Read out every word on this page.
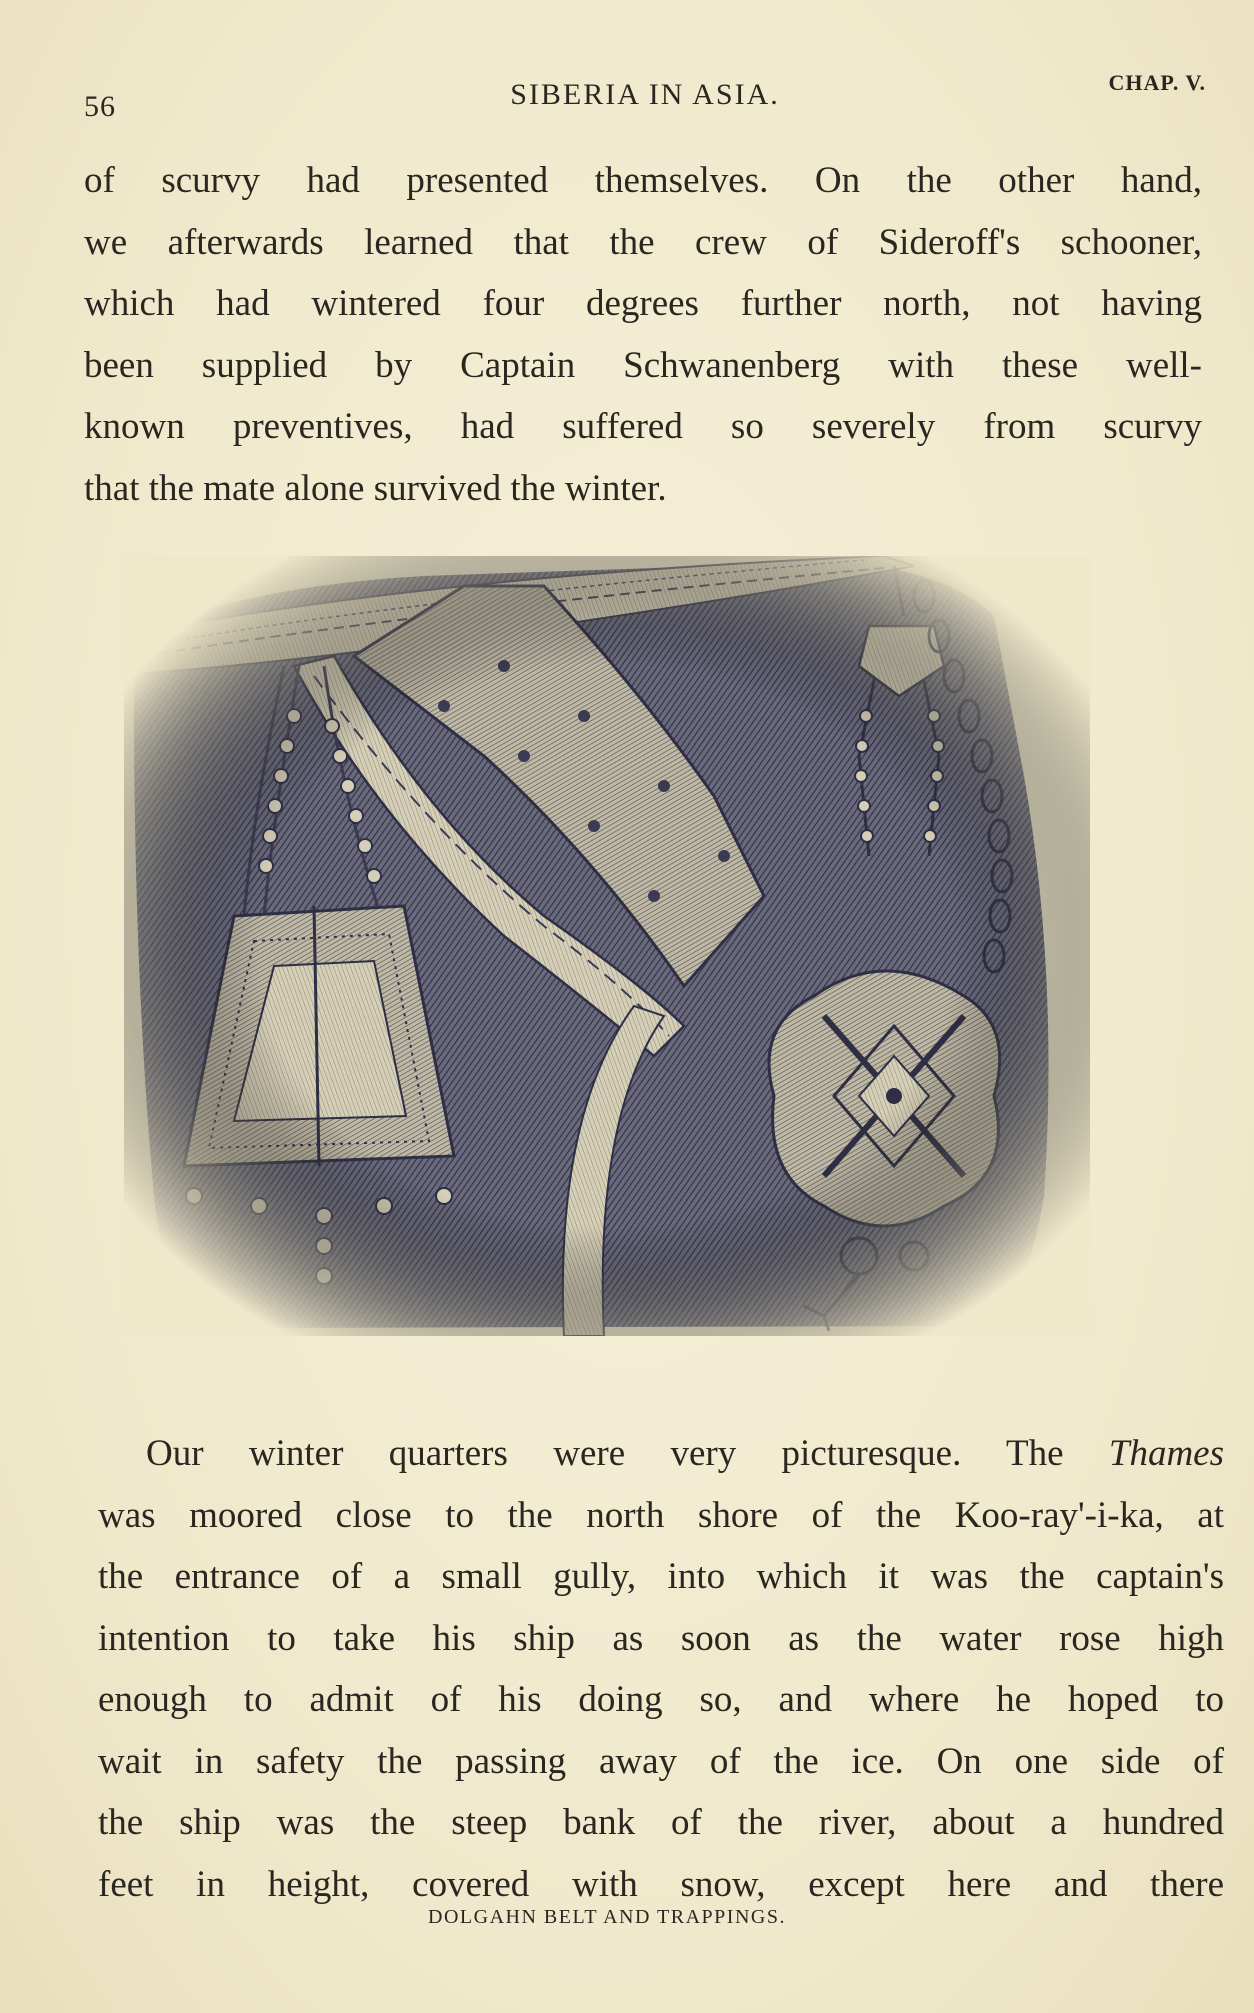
56	SIBERIA IN ASIA.	CHAP. V.

of scurvy had presented themselves. On the other hand,
we afterwards learned that the crew of Sideroff's schooner,
which had wintered four degrees further north, not having
been supplied by Captain Schwanenberg with these well-
known preventives, had suffered so severely from scurvy
that the mate alone survived the winter.

DOLGAHN BELT AND TRAPPINGS.

Our winter quarters were very picturesque. The Thames
was moored close to the north shore of the Koo-ray'-i-ka, at
the entrance of a small gully, into which it was the captain's
intention to take his ship as soon as the water rose high
enough to admit of his doing so, and where he hoped to
wait in safety the passing away of the ice. On one side of
the ship was the steep bank of the river, about a hundred
feet in height, covered with snow, except here and there
